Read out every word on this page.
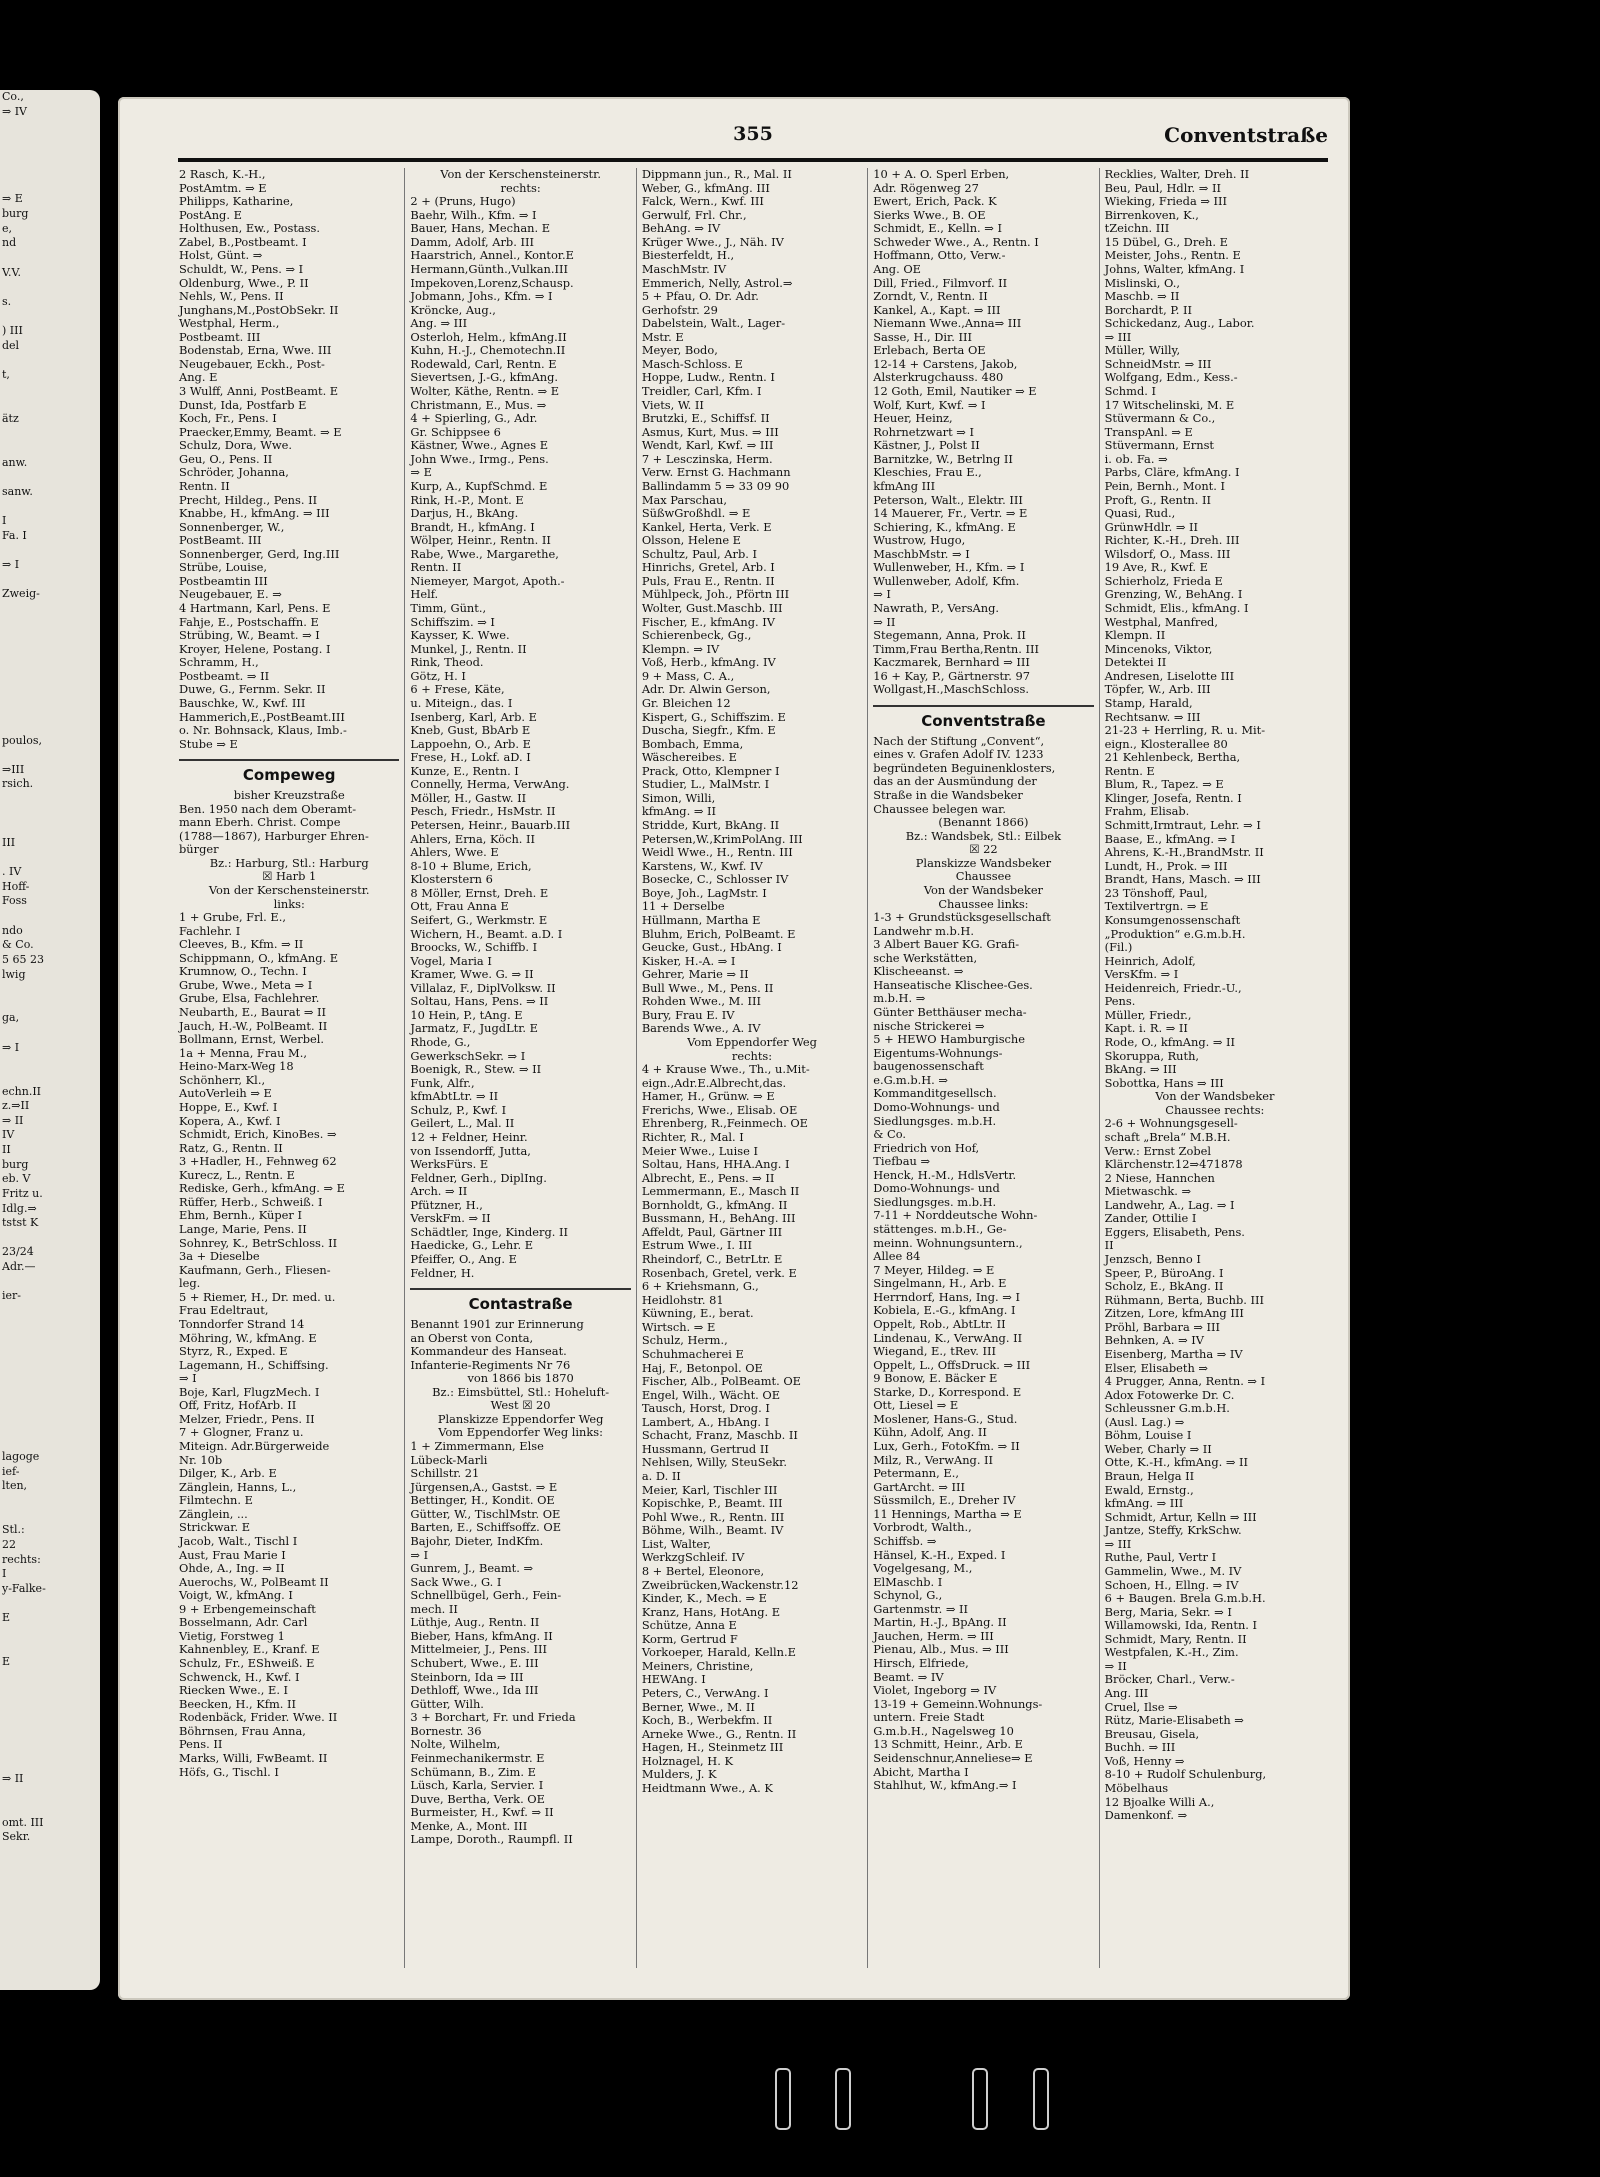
Co.,
⇒ IV

⇒ E
burg
e,
nd

V.V.

s.

) III
del

t,

ätz

anw.

sanw.

I
Fa. I

⇒ I

Zweig-

poulos,

⇒III
rsich.

III

. IV
Hoff-
Foss

ndo
& Co.
5 65 23
lwig

ga,

⇒ I

echn.II
z.⇒II
⇒ II
IV
II
burg
eb. V
Fritz u.
Idlg.⇒
tstst K

23/24
Adr.—

ier-

lagoge
ief-
lten,

Stl.:
22
rechts:
I
y-Falke-

E

E

⇒ II

omt. III
Sekr.
355	Conventstraße
2 Rasch, K.-H.,
PostAmtm. ⇒ E
Philipps, Katharine,
PostAng. E
Holthusen, Ew., Postass.
Zabel, B.,Postbeamt. I
Holst, Günt. ⇒
Schuldt, W., Pens. ⇒ I
Oldenburg, Wwe., P. II
Nehls, W., Pens. II
Junghans,M.,PostObSekr. II
Westphal, Herm.,
Postbeamt. III
Bodenstab, Erna, Wwe. III
Neugebauer, Eckh., Post-
Ang. E
3 Wulff, Anni, PostBeamt. E
Dunst, Ida, Postfarb E
Koch, Fr., Pens. I
Praecker,Emmy, Beamt. ⇒ E
Schulz, Dora, Wwe.
Geu, O., Pens. II
Schröder, Johanna,
Rentn. II
Precht, Hildeg., Pens. II
Knabbe, H., kfmAng. ⇒ III
Sonnenberger, W.,
PostBeamt. III
Sonnenberger, Gerd, Ing.III
Strübe, Louise,
Postbeamtin III
Neugebauer, E. ⇒
4 Hartmann, Karl, Pens. E
Fahje, E., Postschaffn. E
Strübing, W., Beamt. ⇒ I
Kroyer, Helene, Postang. I
Schramm, H.,
Postbeamt. ⇒ II
Duwe, G., Fernm. Sekr. II
Bauschke, W., Kwf. III
Hammerich,E.,PostBeamt.III
o. Nr. Bohnsack, Klaus, Imb.-
Stube ⇒ E
Compeweg
bisher Kreuzstraße
Ben. 1950 nach dem Oberamt-
mann Eberh. Christ. Compe
(1788—1867), Harburger Ehren-
bürger
Bz.: Harburg, Stl.: Harburg
☒ Harb 1
Von der Kerschensteinerstr.
links:
1 + Grube, Frl. E.,
Fachlehr. I
Cleeves, B., Kfm. ⇒ II
Schippmann, O., kfmAng. E
Krumnow, O., Techn. I
Grube, Wwe., Meta ⇒ I
Grube, Elsa, Fachlehrer.
Neubarth, E., Baurat ⇒ II
Jauch, H.-W., PolBeamt. II
Bollmann, Ernst, Werbel.
1a + Menna, Frau M.,
Heino-Marx-Weg 18
Schönherr, Kl.,
AutoVerleih ⇒ E
Hoppe, E., Kwf. I
Kopera, A., Kwf. I
Schmidt, Erich, KinoBes. ⇒
Ratz, G., Rentn. II
3 +Hadler, H., Fehnweg 62
Kurecz, L., Rentn. E
Rediske, Gerh., kfmAng. ⇒ E
Rüffer, Herb., Schweiß. I
Ehm, Bernh., Küper I
Lange, Marie, Pens. II
Sohnrey, K., BetrSchloss. II
3a + Dieselbe
Kaufmann, Gerh., Fliesen-
leg.
5 + Riemer, H., Dr. med. u.
Frau Edeltraut,
Tonndorfer Strand 14
Möhring, W., kfmAng. E
Styrz, R., Exped. E
Lagemann, H., Schiffsing.
⇒ I
Boje, Karl, FlugzMech. I
Off, Fritz, HofArb. II
Melzer, Friedr., Pens. II
7 + Glogner, Franz u.
Miteign. Adr.Bürgerweide
Nr. 10b
Dilger, K., Arb. E
Zänglein, Hanns, L.,
Filmtechn. E
Zänglein, ...
Strickwar. E
Jacob, Walt., Tischl I
Aust, Frau Marie I
Ohde, A., Ing. ⇒ II
Auerochs, W., PolBeamt II
Voigt, W., kfmAng. I
9 + Erbengemeinschaft
Bosselmann, Adr. Carl
Vietig, Forstweg 1
Kahnenbley, E., Kranf. E
Schulz, Fr., EShweiß. E
Schwenck, H., Kwf. I
Riecken Wwe., E. I
Beecken, H., Kfm. II
Rodenbäck, Frider. Wwe. II
Böhrnsen, Frau Anna,
Pens. II
Marks, Willi, FwBeamt. II
Höfs, G., Tischl. I
Von der Kerschensteinerstr.
rechts:
2 + (Pruns, Hugo)
Baehr, Wilh., Kfm. ⇒ I
Bauer, Hans, Mechan. E
Damm, Adolf, Arb. III
Haarstrich, Annel., Kontor.E
Hermann,Günth.,Vulkan.III
Impekoven,Lorenz,Schausp.
Jobmann, Johs., Kfm. ⇒ I
Kröncke, Aug.,
Ang. ⇒ III
Osterloh, Helm., kfmAng.II
Kuhn, H.-J., Chemotechn.II
Rodewald, Carl, Rentn. E
Sievertsen, J.-G., kfmAng.
Wolter, Käthe, Rentn. ⇒ E
Christmann, E., Mus. ⇒
4 + Spierling, G., Adr.
Gr. Schippsee 6
Kästner, Wwe., Agnes E
John Wwe., Irmg., Pens.
⇒ E
Kurp, A., KupfSchmd. E
Rink, H.-P., Mont. E
Darjus, H., BkAng.
Brandt, H., kfmAng. I
Wölper, Heinr., Rentn. II
Rabe, Wwe., Margarethe,
Rentn. II
Niemeyer, Margot, Apoth.-
Helf.
Timm, Günt.,
Schiffszim. ⇒ I
Kaysser, K. Wwe.
Munkel, J., Rentn. II
Rink, Theod.
Götz, H. I
6 + Frese, Käte,
u. Miteign., das. I
Isenberg, Karl, Arb. E
Kneb, Gust, BbArb E
Lappoehn, O., Arb. E
Frese, H., Lokf. aD. I
Kunze, E., Rentn. I
Connelly, Herma, VerwAng.
Möller, H., Gastw. II
Pesch, Friedr., HsMstr. II
Petersen, Heinr., Bauarb.III
Ahlers, Erna, Köch. II
Ahlers, Wwe. E
8-10 + Blume, Erich,
Klosterstern 6
8 Möller, Ernst, Dreh. E
Ott, Frau Anna E
Seifert, G., Werkmstr. E
Wichern, H., Beamt. a.D. I
Broocks, W., Schiffb. I
Vogel, Maria I
Kramer, Wwe. G. ⇒ II
Villalaz, F., DiplVolksw. II
Soltau, Hans, Pens. ⇒ II
10 Hein, P., tAng. E
Jarmatz, F., JugdLtr. E
Rhode, G.,
GewerkschSekr. ⇒ I
Boenigk, R., Stew. ⇒ II
Funk, Alfr.,
kfmAbtLtr. ⇒ II
Schulz, P., Kwf. I
Geilert, L., Mal. II
12 + Feldner, Heinr.
von Issendorff, Jutta,
WerksFürs. E
Feldner, Gerh., DiplIng.
Arch. ⇒ II
Pfützner, H.,
VerskFm. ⇒ II
Schädtler, Inge, Kinderg. II
Haedicke, G., Lehr. E
Pfeiffer, O., Ang. E
Feldner, H.
Contastraße
Benannt 1901 zur Erinnerung
an Oberst von Conta,
Kommandeur des Hanseat.
Infanterie-Regiments Nr 76
von 1866 bis 1870
Bz.: Eimsbüttel, Stl.: Hoheluft-
West ☒ 20
Planskizze Eppendorfer Weg
Vom Eppendorfer Weg links:
1 + Zimmermann, Else
Lübeck-Marli
Schillstr. 21
Jürgensen,A., Gastst. ⇒ E
Bettinger, H., Kondit. OE
Gütter, W., TischlMstr. OE
Barten, E., Schiffsoffz. OE
Bajohr, Dieter, IndKfm.
⇒ I
Gunrem, J., Beamt. ⇒
Sack Wwe., G. I
Schnellbügel, Gerh., Fein-
mech. II
Lüthje, Aug., Rentn. II
Bieber, Hans, kfmAng. II
Mittelmeier, J., Pens. III
Schubert, Wwe., E. III
Steinborn, Ida ⇒ III
Dethloff, Wwe., Ida III
Gütter, Wilh.
3 + Borchart, Fr. und Frieda
Bornestr. 36
Nolte, Wilhelm,
Feinmechanikermstr. E
Schümann, B., Zim. E
Lüsch, Karla, Servier. I
Duve, Bertha, Verk. OE
Burmeister, H., Kwf. ⇒ II
Menke, A., Mont. III
Lampe, Doroth., Raumpfl. II
Dippmann jun., R., Mal. II
Weber, G., kfmAng. III
Falck, Wern., Kwf. III
Gerwulf, Frl. Chr.,
BehAng. ⇒ IV
Krüger Wwe., J., Näh. IV
Biesterfeldt, H.,
MaschMstr. IV
Emmerich, Nelly, Astrol.⇒
5 + Pfau, O. Dr. Adr.
Gerhofstr. 29
Dabelstein, Walt., Lager-
Mstr. E
Meyer, Bodo,
Masch-Schloss. E
Hoppe, Ludw., Rentn. I
Treidler, Carl, Kfm. I
Viets, W. II
Brutzki, E., Schiffsf. II
Asmus, Kurt, Mus. ⇒ III
Wendt, Karl, Kwf. ⇒ III
7 + Lesczinska, Herm.
Verw. Ernst G. Hachmann
Ballindamm 5 ⇒ 33 09 90
Max Parschau,
SüßwGroßhdl. ⇒ E
Kankel, Herta, Verk. E
Olsson, Helene E
Schultz, Paul, Arb. I
Hinrichs, Gretel, Arb. I
Puls, Frau E., Rentn. II
Mühlpeck, Joh., Pförtn III
Wolter, Gust.Maschb. III
Fischer, E., kfmAng. IV
Schierenbeck, Gg.,
Klempn. ⇒ IV
Voß, Herb., kfmAng. IV
9 + Mass, C. A.,
Adr. Dr. Alwin Gerson,
Gr. Bleichen 12
Kispert, G., Schiffszim. E
Duscha, Siegfr., Kfm. E
Bombach, Emma,
Wäschereibes. E
Prack, Otto, Klempner I
Studier, L., MalMstr. I
Simon, Willi,
kfmAng. ⇒ II
Stridde, Kurt, BkAng. II
Petersen,W.,KrimPolAng. III
Weidl Wwe., H., Rentn. III
Karstens, W., Kwf. IV
Bosecke, C., Schlosser IV
Boye, Joh., LagMstr. I
11 + Derselbe
Hüllmann, Martha E
Bluhm, Erich, PolBeamt. E
Geucke, Gust., HbAng. I
Kisker, H.-A. ⇒ I
Gehrer, Marie ⇒ II
Bull Wwe., M., Pens. II
Rohden Wwe., M. III
Bury, Frau E. IV
Barends Wwe., A. IV
Vom Eppendorfer Weg
rechts:
4 + Krause Wwe., Th., u.Mit-
eign.,Adr.E.Albrecht,das.
Hamer, H., Grünw. ⇒ E
Frerichs, Wwe., Elisab. OE
Ehrenberg, R.,Feinmech. OE
Richter, R., Mal. I
Meier Wwe., Luise I
Soltau, Hans, HHA.Ang. I
Albrecht, E., Pens. ⇒ II
Lemmermann, E., Masch II
Bornholdt, G., kfmAng. II
Bussmann, H., BehAng. III
Affeldt, Paul, Gärtner III
Estrum Wwe., I. III
Rheindorf, C., BetrLtr. E
Rosenbach, Gretel, verk. E
6 + Kriehsmann, G.,
Heidlohstr. 81
Küwning, E., berat.
Wirtsch. ⇒ E
Schulz, Herm.,
Schuhmacherei E
Haj, F., Betonpol. OE
Fischer, Alb., PolBeamt. OE
Engel, Wilh., Wächt. OE
Tausch, Horst, Drog. I
Lambert, A., HbAng. I
Schacht, Franz, Maschb. II
Hussmann, Gertrud II
Nehlsen, Willy, SteuSekr.
a. D. II
Meier, Karl, Tischler III
Kopischke, P., Beamt. III
Pohl Wwe., R., Rentn. III
Böhme, Wilh., Beamt. IV
List, Walter,
WerkzgSchleif. IV
8 + Bertel, Eleonore,
Zweibrücken,Wackenstr.12
Kinder, K., Mech. ⇒ E
Kranz, Hans, HotAng. E
Schütze, Anna E
Korm, Gertrud F
Vorkoeper, Harald, Kelln.E
Meiners, Christine,
HEWAng. I
Peters, C., VerwAng. I
Berner, Wwe., M. II
Koch, B., Werbekfm. II
Arneke Wwe., G., Rentn. II
Hagen, H., Steinmetz III
Holznagel, H. K
Mulders, J. K
Heidtmann Wwe., A. K
10 + A. O. Sperl Erben,
Adr. Rögenweg 27
Ewert, Erich, Pack. K
Sierks Wwe., B. OE
Schmidt, E., Kelln. ⇒ I
Schweder Wwe., A., Rentn. I
Hoffmann, Otto, Verw.-
Ang. OE
Dill, Fried., Filmvorf. II
Zorndt, V., Rentn. II
Kankel, A., Kapt. ⇒ III
Niemann Wwe.,Anna⇒ III
Sasse, H., Dir. III
Erlebach, Berta OE
12-14 + Carstens, Jakob,
Alsterkrugchauss. 480
12 Goth, Emil, Nautiker ⇒ E
Wolf, Kurt, Kwf. ⇒ I
Heuer, Heinz,
Rohrnetzwart ⇒ I
Kästner, J., Polst II
Barnitzke, W., Betrlng II
Kleschies, Frau E.,
kfmAng III
Peterson, Walt., Elektr. III
14 Mauerer, Fr., Vertr. ⇒ E
Schiering, K., kfmAng. E
Wustrow, Hugo,
MaschbMstr. ⇒ I
Wullenweber, H., Kfm. ⇒ I
Wullenweber, Adolf, Kfm.
⇒ I
Nawrath, P., VersAng.
⇒ II
Stegemann, Anna, Prok. II
Timm,Frau Bertha,Rentn. III
Kaczmarek, Bernhard ⇒ III
16 + Kay, P., Gärtnerstr. 97
Wollgast,H.,MaschSchloss.
Conventstraße
Nach der Stiftung „Convent“,
eines v. Grafen Adolf IV. 1233
begründeten Beguinenklosters,
das an der Ausmündung der
Straße in die Wandsbeker
Chaussee belegen war.
(Benannt 1866)
Bz.: Wandsbek, Stl.: Eilbek
☒ 22
Planskizze Wandsbeker
Chaussee
Von der Wandsbeker
Chaussee links:
1-3 + Grundstücksgesellschaft
Landwehr m.b.H.
3 Albert Bauer KG. Grafi-
sche Werkstätten,
Klischeeanst. ⇒
Hanseatische Klischee-Ges.
m.b.H. ⇒
Günter Betthäuser mecha-
nische Strickerei ⇒
5 + HEWO Hamburgische
Eigentums-Wohnungs-
baugenossenschaft
e.G.m.b.H. ⇒
Kommanditgesellsch.
Domo-Wohnungs- und
Siedlungsges. m.b.H.
& Co.
Friedrich von Hof,
Tiefbau ⇒
Henck, H.-M., HdlsVertr.
Domo-Wohnungs- und
Siedlungsges. m.b.H.
7-11 + Norddeutsche Wohn-
stättenges. m.b.H., Ge-
meinn. Wohnungsuntern.,
Allee 84
7 Meyer, Hildeg. ⇒ E
Singelmann, H., Arb. E
Herrndorf, Hans, Ing. ⇒ I
Kobiela, E.-G., kfmAng. I
Oppelt, Rob., AbtLtr. II
Lindenau, K., VerwAng. II
Wiegand, E., tRev. III
Oppelt, L., OffsDruck. ⇒ III
9 Bonow, E. Bäcker E
Starke, D., Korrespond. E
Ott, Liesel ⇒ E
Moslener, Hans-G., Stud.
Kühn, Adolf, Ang. II
Lux, Gerh., FotoKfm. ⇒ II
Milz, R., VerwAng. II
Petermann, E.,
GartArcht. ⇒ III
Süssmilch, E., Dreher IV
11 Hennings, Martha ⇒ E
Vorbrodt, Walth.,
Schiffsb. ⇒
Hänsel, K.-H., Exped. I
Vogelgesang, M.,
ElMaschb. I
Schynol, G.,
Gartenmstr. ⇒ II
Martin, H.-J., BpAng. II
Jauchen, Herm. ⇒ III
Pienau, Alb., Mus. ⇒ III
Hirsch, Elfriede,
Beamt. ⇒ IV
Violet, Ingeborg ⇒ IV
13-19 + Gemeinn.Wohnungs-
untern. Freie Stadt
G.m.b.H., Nagelsweg 10
13 Schmitt, Heinr., Arb. E
Seidenschnur,Anneliese⇒ E
Abicht, Martha I
Stahlhut, W., kfmAng.⇒ I
Recklies, Walter, Dreh. II
Beu, Paul, Hdlr. ⇒ II
Wieking, Frieda ⇒ III
Birrenkoven, K.,
tZeichn. III
15 Dübel, G., Dreh. E
Meister, Johs., Rentn. E
Johns, Walter, kfmAng. I
Mislinski, O.,
Maschb. ⇒ II
Borchardt, P. II
Schickedanz, Aug., Labor.
⇒ III
Müller, Willy,
SchneidMstr. ⇒ III
Wolfgang, Edm., Kess.-
Schmd. I
17 Witschelinski, M. E
Stüvermann & Co.,
TranspAnl. ⇒ E
Stüvermann, Ernst
i. ob. Fa. ⇒
Parbs, Cläre, kfmAng. I
Pein, Bernh., Mont. I
Proft, G., Rentn. II
Quasi, Rud.,
GrünwHdlr. ⇒ II
Richter, K.-H., Dreh. III
Wilsdorf, O., Mass. III
19 Ave, R., Kwf. E
Schierholz, Frieda E
Grenzing, W., BehAng. I
Schmidt, Elis., kfmAng. I
Westphal, Manfred,
Klempn. II
Mincenoks, Viktor,
Detektei II
Andresen, Liselotte III
Töpfer, W., Arb. III
Stamp, Harald,
Rechtsanw. ⇒ III
21-23 + Herrling, R. u. Mit-
eign., Klosterallee 80
21 Kehlenbeck, Bertha,
Rentn. E
Blum, R., Tapez. ⇒ E
Klinger, Josefa, Rentn. I
Frahm, Elisab.
Schmitt,Irmtraut, Lehr. ⇒ I
Baase, E., kfmAng. ⇒ I
Ahrens, K.-H.,BrandMstr. II
Lundt, H., Prok. ⇒ III
Brandt, Hans, Masch. ⇒ III
23 Tönshoff, Paul,
Textilvertrgn. ⇒ E
Konsumgenossenschaft
„Produktion“ e.G.m.b.H.
(Fil.)
Heinrich, Adolf,
VersKfm. ⇒ I
Heidenreich, Friedr.-U.,
Pens.
Müller, Friedr.,
Kapt. i. R. ⇒ II
Rode, O., kfmAng. ⇒ II
Skoruppa, Ruth,
BkAng. ⇒ III
Sobottka, Hans ⇒ III
Von der Wandsbeker
Chaussee rechts:
2-6 + Wohnungsgesell-
schaft „Brela“ M.B.H.
Verw.: Ernst Zobel
Klärchenstr.12⇒471878
2 Niese, Hannchen
Mietwaschk. ⇒
Landwehr, A., Lag. ⇒ I
Zander, Ottilie I
Eggers, Elisabeth, Pens.
II
Jenzsch, Benno I
Speer, P., BüroAng. I
Scholz, E., BkAng. II
Rühmann, Berta, Buchb. III
Zitzen, Lore, kfmAng III
Pröhl, Barbara ⇒ III
Behnken, A. ⇒ IV
Eisenberg, Martha ⇒ IV
Elser, Elisabeth ⇒
4 Prugger, Anna, Rentn. ⇒ I
Adox Fotowerke Dr. C.
Schleussner G.m.b.H.
(Ausl. Lag.) ⇒
Böhm, Louise I
Weber, Charly ⇒ II
Otte, K.-H., kfmAng. ⇒ II
Braun, Helga II
Ewald, Ernstg.,
kfmAng. ⇒ III
Schmidt, Artur, Kelln ⇒ III
Jantze, Steffy, KrkSchw.
⇒ III
Ruthe, Paul, Vertr I
Gammelin, Wwe., M. IV
Schoen, H., Ellng. ⇒ IV
6 + Baugen. Brela G.m.b.H.
Berg, Maria, Sekr. ⇒ I
Willamowski, Ida, Rentn. I
Schmidt, Mary, Rentn. II
Westpfalen, K.-H., Zim.
⇒ II
Bröcker, Charl., Verw.-
Ang. III
Cruel, Ilse ⇒
Rütz, Marie-Elisabeth ⇒
Breusau, Gisela,
Buchh. ⇒ III
Voß, Henny ⇒
8-10 + Rudolf Schulenburg,
Möbelhaus
12 Bjoalke Willi A.,
Damenkonf. ⇒
